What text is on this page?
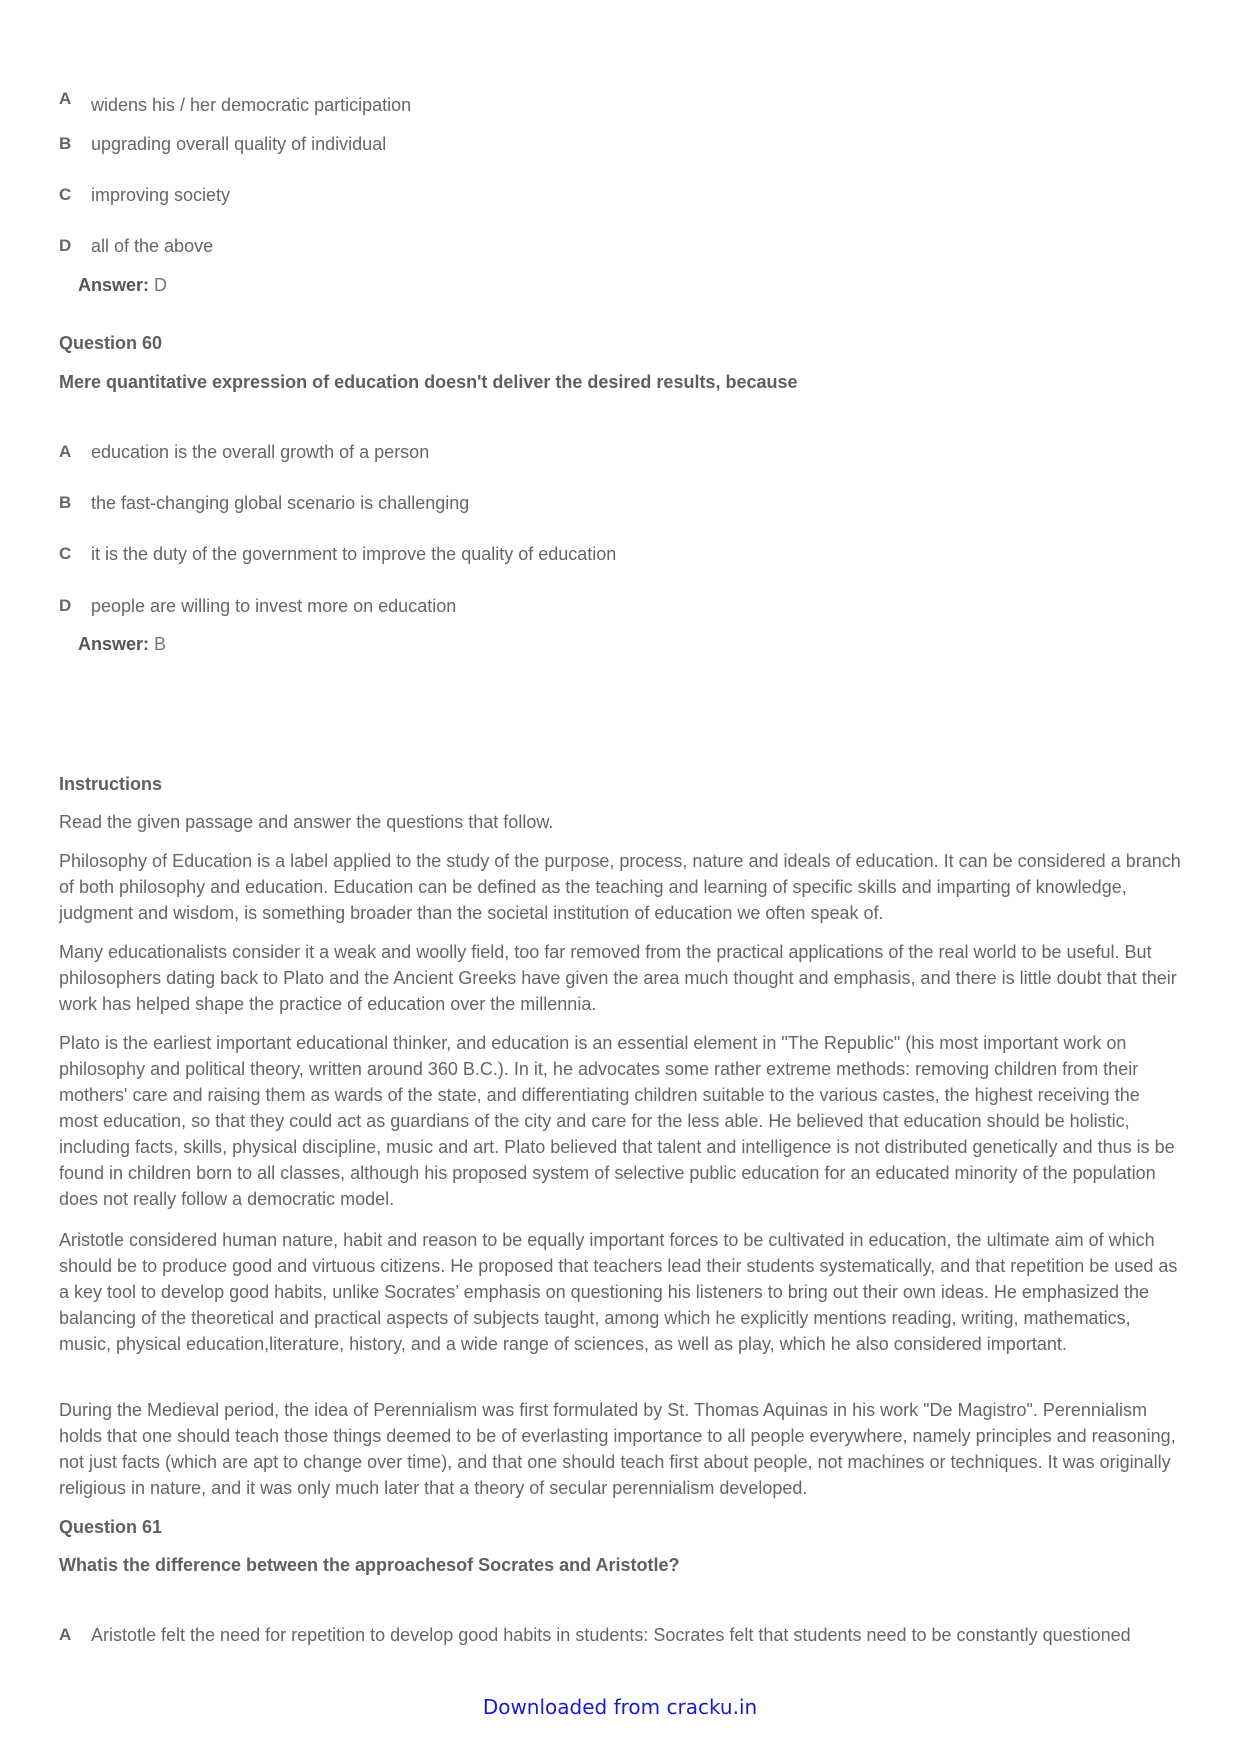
A	widens his / her democratic participation
B	upgrading overall quality of individual
C	improving society
D	all of the above
Answer: D
Question 60
Mere quantitative expression of education doesn't deliver the desired results, because
A	education is the overall growth of a person
B	the fast-changing global scenario is challenging
C	it is the duty of the government to improve the quality of education
D	people are willing to invest more on education
Answer: B
Instructions

Read the given passage and answer the questions that follow.

Philosophy of Education is a label applied to the study of the purpose, process, nature and ideals of education. It can be considered a branch of both philosophy and education. Education can be defined as the teaching and learning of specific skills and imparting of knowledge, judgment and wisdom, is something broader than the societal institution of education we often speak of.

Many educationalists consider it a weak and woolly field, too far removed from the practical applications of the real world to be useful. But philosophers dating back to Plato and the Ancient Greeks have given the area much thought and emphasis, and there is little doubt that their work has helped shape the practice of education over the millennia.

Plato is the earliest important educational thinker, and education is an essential element in "The Republic" (his most important work on philosophy and political theory, written around 360 B.C.). In it, he advocates some rather extreme methods: removing children from their mothers' care and raising them as wards of the state, and differentiating children suitable to the various castes, the highest receiving the most education, so that they could act as guardians of the city and care for the less able. He believed that education should be holistic, including facts, skills, physical discipline, music and art. Plato believed that talent and intelligence is not distributed genetically and thus is be found in children born to all classes, although his proposed system of selective public education for an educated minority of the population does not really follow a democratic model.

Aristotle considered human nature, habit and reason to be equally important forces to be cultivated in education, the ultimate aim of which should be to produce good and virtuous citizens. He proposed that teachers lead their students systematically, and that repetition be used as a key tool to develop good habits, unlike Socrates’ emphasis on questioning his listeners to bring out their own ideas. He emphasized the balancing of the theoretical and practical aspects of subjects taught, among which he explicitly mentions reading, writing, mathematics, music, physical education,literature, history, and a wide range of sciences, as well as play, which he also considered important.

During the Medieval period, the idea of Perennialism was first formulated by St. Thomas Aquinas in his work "De Magistro". Perennialism holds that one should teach those things deemed to be of everlasting importance to all people everywhere, namely principles and reasoning, not just facts (which are apt to change over time), and that one should teach first about people, not machines or techniques. It was originally religious in nature, and it was only much later that a theory of secular perennialism developed.

Question 61
Whatis the difference between the approachesof Socrates and Aristotle?
A	Aristotle felt the need for repetition to develop good habits in students: Socrates felt that students need to be constantly questioned
Downloaded from cracku.in
